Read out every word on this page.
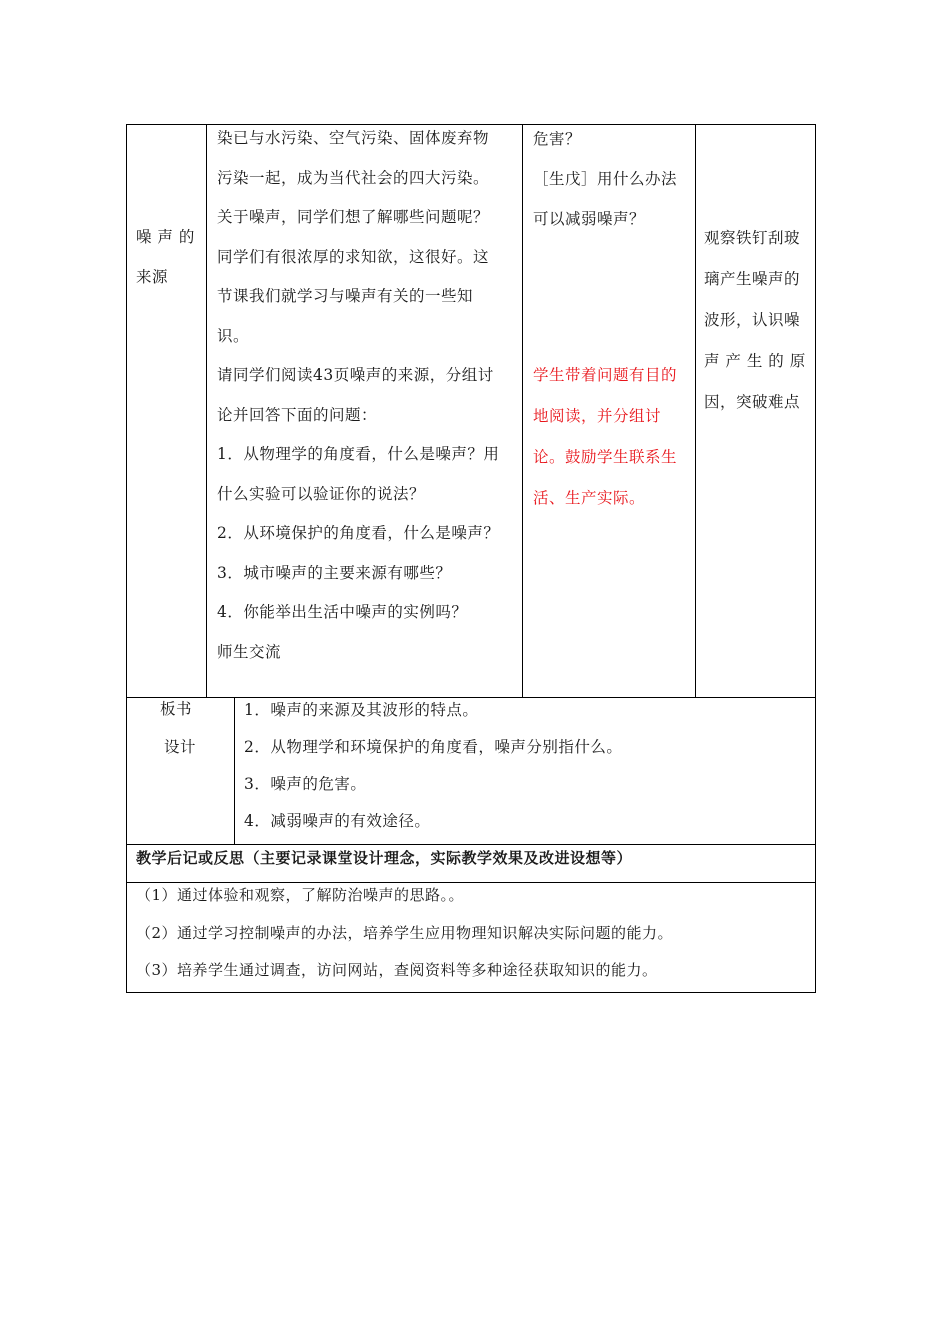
噪 声 的
来源
染已与水污染、空气污染、固体废弃物
污染一起，成为当代社会的四大污染。
关于噪声，同学们想了解哪些问题呢？
同学们有很浓厚的求知欲，这很好。这
节课我们就学习与噪声有关的一些知
识。
请同学们阅读43页噪声的来源，分组讨
论并回答下面的问题：
1．从物理学的角度看，什么是噪声？用
什么实验可以验证你的说法？
2．从环境保护的角度看，什么是噪声？
3．城市噪声的主要来源有哪些？
4．你能举出生活中噪声的实例吗？
师生交流
危害？
［生戊］用什么办法
可以减弱噪声？
学生带着问题有目的
地阅读，并分组讨
论。鼓励学生联系生
活、生产实际。
观察铁钉刮玻
璃产生噪声的
波形，认识噪
声 产 生 的 原
因，突破难点
板书
设计
1．噪声的来源及其波形的特点。
2．从物理学和环境保护的角度看，噪声分别指什么。
3．噪声的危害。
4．减弱噪声的有效途径。
教学后记或反思（主要记录课堂设计理念，实际教学效果及改进设想等）
（1）通过体验和观察，了解防治噪声的思路。。
（2）通过学习控制噪声的办法，培养学生应用物理知识解决实际问题的能力。
（3）培养学生通过调查，访问网站，查阅资料等多种途径获取知识的能力。
